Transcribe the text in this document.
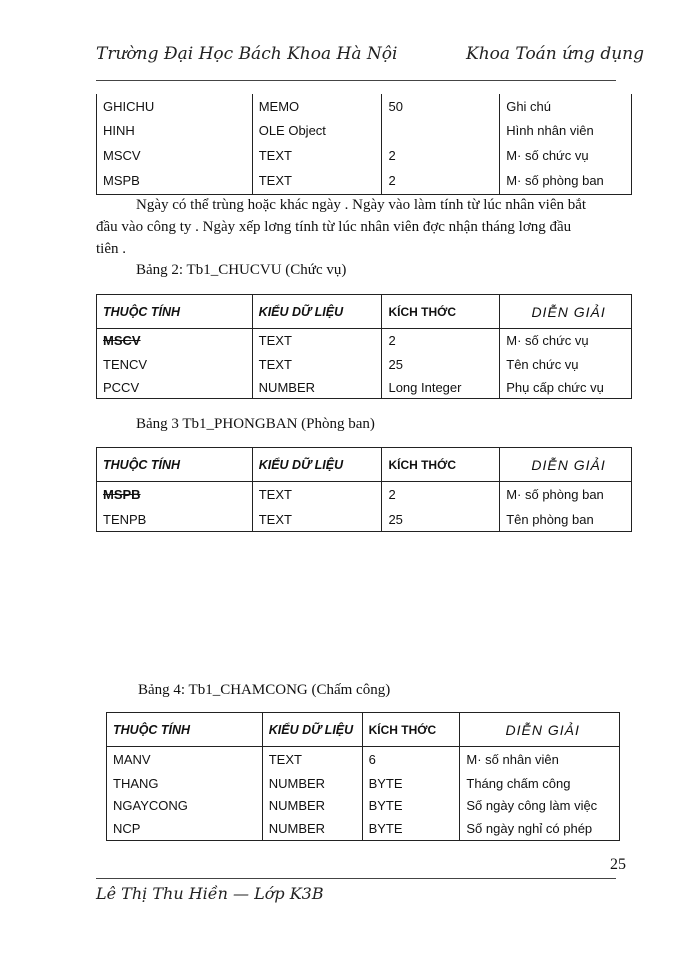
Trường Đại Học Bách Khoa Hà Nội	Khoa Toán ứng dụng
GHICHU	MEMO	50	Ghi chú
HINH	OLE Object		Hình nhân viên
MSCV	TEXT	2	M· số chức vụ
MSPB	TEXT	2	M· số phòng ban
Ngày có thể trùng hoặc khác ngày . Ngày vào làm tính từ lúc nhân viên bắt
đầu vào công ty . Ngày xếp lơng tính từ lúc nhân viên đợc nhận tháng lơng đầu
tiên .
Bảng 2: Tb1_CHUCVU (Chức vụ)
THUỘC TÍNH	KIỂU DỮ LIỆU	KÍCH THỚC	DIỄN GIẢI
MSCV	TEXT	2	M· số chức vụ
TENCV	TEXT	25	Tên chức vụ
PCCV	NUMBER	Long Integer	Phụ cấp chức vụ
Bảng 3 Tb1_PHONGBAN (Phòng ban)
THUỘC TÍNH	KIỂU DỮ LIỆU	KÍCH THỚC	DIỄN GIẢI
MSPB	TEXT	2	M· số phòng ban
TENPB	TEXT	25	Tên phòng ban
Bảng 4: Tb1_CHAMCONG (Chấm công)
THUỘC TÍNH	KIỂU DỮ LIỆU	KÍCH THỚC	DIỄN GIẢI
MANV	TEXT	6	M· số nhân viên
THANG	NUMBER	BYTE	Tháng chấm công
NGAYCONG	NUMBER	BYTE	Số ngày công làm việc
NCP	NUMBER	BYTE	Số ngày nghỉ có phép
25
Lê Thị Thu Hiền — Lớp K3B
